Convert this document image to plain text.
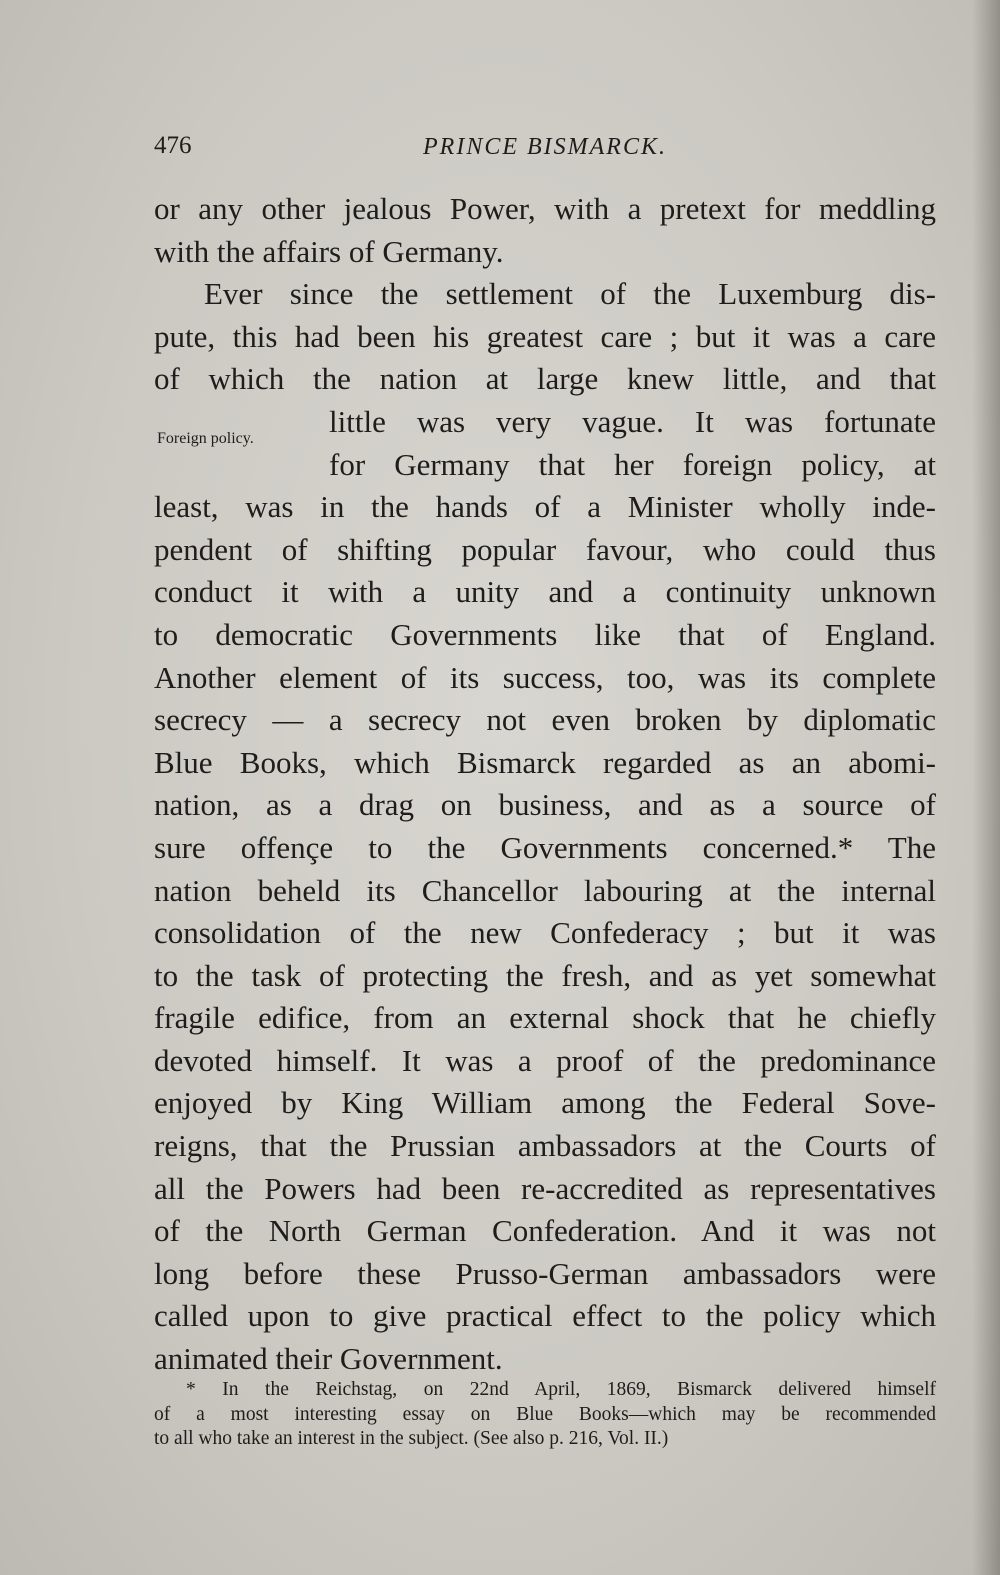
476	PRINCE BISMARCK.
Foreign policy.
or any other jealous Power, with a pretext for meddling
with the affairs of Germany.
Ever since the settlement of the Luxemburg dis-
pute, this had been his greatest care ; but it was a care
of which the nation at large knew little, and that
little was very vague. It was fortunate
for Germany that her foreign policy, at
least, was in the hands of a Minister wholly inde-
pendent of shifting popular favour, who could thus
conduct it with a unity and a continuity unknown
to democratic Governments like that of England.
Another element of its success, too, was its complete
secrecy — a secrecy not even broken by diplomatic
Blue Books, which Bismarck regarded as an abomi-
nation, as a drag on business, and as a source of
sure offençe to the Governments concerned.* The
nation beheld its Chancellor labouring at the internal
consolidation of the new Confederacy ; but it was
to the task of protecting the fresh, and as yet somewhat
fragile edifice, from an external shock that he chiefly
devoted himself. It was a proof of the predominance
enjoyed by King William among the Federal Sove-
reigns, that the Prussian ambassadors at the Courts of
all the Powers had been re-accredited as representatives
of the North German Confederation. And it was not
long before these Prusso-German ambassadors were
called upon to give practical effect to the policy which
animated their Government.
* In the Reichstag, on 22nd April, 1869, Bismarck delivered himself
of a most interesting essay on Blue Books—which may be recommended
to all who take an interest in the subject. (See also p. 216, Vol. II.)
